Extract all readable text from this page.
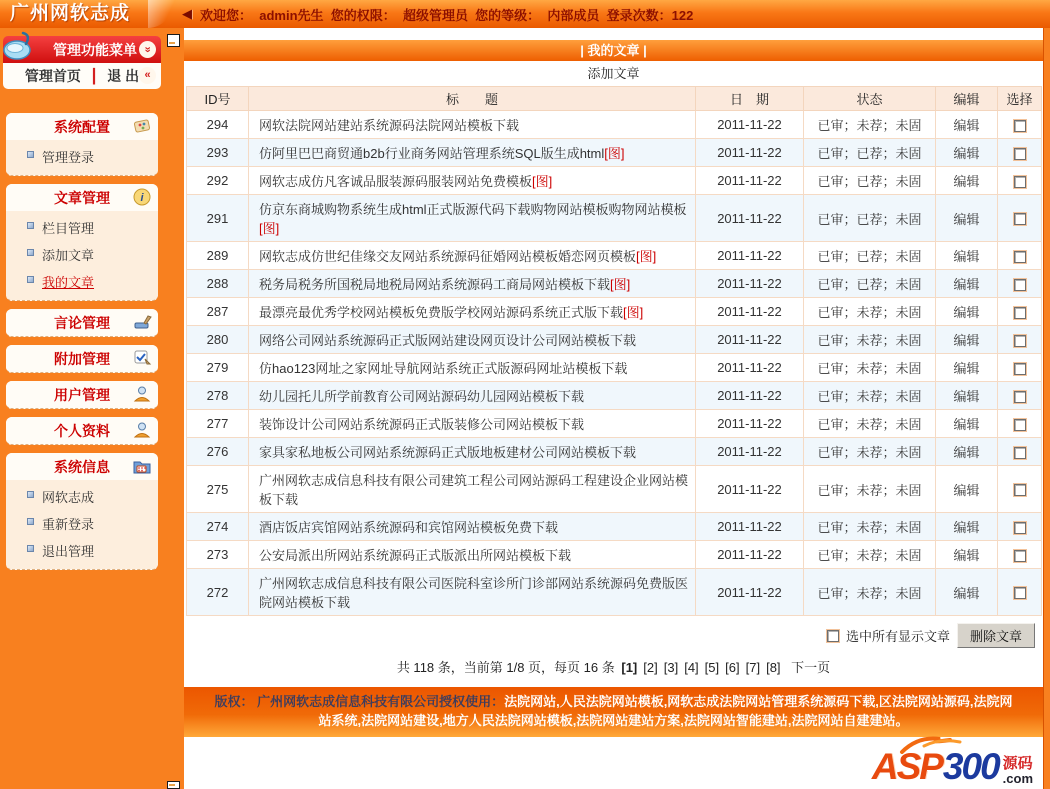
广州网软志成	◀ 欢迎您：  admin先生  您的权限：  超级管理员  您的等级：  内部成员  登录次数：122
管理功能菜单 »
管理首页 ┃ 退 出 «
系统配置
管理登录
文章管理	i
栏目管理
添加文章
我的文章
言论管理
附加管理
用户管理
个人资料
系统信息
网软志成
重新登录
退出管理
| 我的文章 |
添加文章
ID号	标　　题	日　期	状态	编辑	选择
294	网软法院网站建站系统源码法院网站模板下载	2011-11-22	已审；未荐；未固	编辑	
293	仿阿里巴巴商贸通b2b行业商务网站管理系统SQL版生成html[图]	2011-11-22	已审；已荐；未固	编辑	
292	网软志成仿凡客诚品服装源码服装网站免费模板[图]	2011-11-22	已审；已荐；未固	编辑	
291	仿京东商城购物系统生成html正式版源代码下载购物网站模板购物网站模板[图]	2011-11-22	已审；已荐；未固	编辑	
289	网软志成仿世纪佳缘交友网站系统源码征婚网站模板婚恋网页模板[图]	2011-11-22	已审；已荐；未固	编辑	
288	税务局税务所国税局地税局网站系统源码工商局网站模板下载[图]	2011-11-22	已审；已荐；未固	编辑	
287	最漂亮最优秀学校网站模板免费版学校网站源码系统正式版下载[图]	2011-11-22	已审；未荐；未固	编辑	
280	网络公司网站系统源码正式版网站建设网页设计公司网站模板下载	2011-11-22	已审；未荐；未固	编辑	
279	仿hao123网址之家网址导航网站系统正式版源码网址站模板下载	2011-11-22	已审；未荐；未固	编辑	
278	幼儿园托儿所学前教育公司网站源码幼儿园网站模板下载	2011-11-22	已审；未荐；未固	编辑	
277	装饰设计公司网站系统源码正式版装修公司网站模板下载	2011-11-22	已审；未荐；未固	编辑	
276	家具家私地板公司网站系统源码正式版地板建材公司网站模板下载	2011-11-22	已审；未荐；未固	编辑	
275	广州网软志成信息科技有限公司建筑工程公司网站源码工程建设企业网站模板下载	2011-11-22	已审；未荐；未固	编辑	
274	酒店饭店宾馆网站系统源码和宾馆网站模板免费下载	2011-11-22	已审；未荐；未固	编辑	
273	公安局派出所网站系统源码正式版派出所网站模板下载	2011-11-22	已审；未荐；未固	编辑	
272	广州网软志成信息科技有限公司医院科室诊所门诊部网站系统源码免费版医院网站模板下载	2011-11-22	已审；未荐；未固	编辑	
选中所有显示文章	删除文章
共 118 条，当前第 1/8 页，每页 16 条 [1] [2] [3] [4] [5] [6] [7] [8] 下一页
版权： 广州网软志成信息科技有限公司授权使用：法院网站,人民法院网站模板,网软志成法院网站管理系统源码下载,区法院网站源码,法院网站系统,法院网站建设,地方人民法院网站模板,法院网站建站方案,法院网站智能建站,法院网站自建建站。
ASP 300 源码
.com
